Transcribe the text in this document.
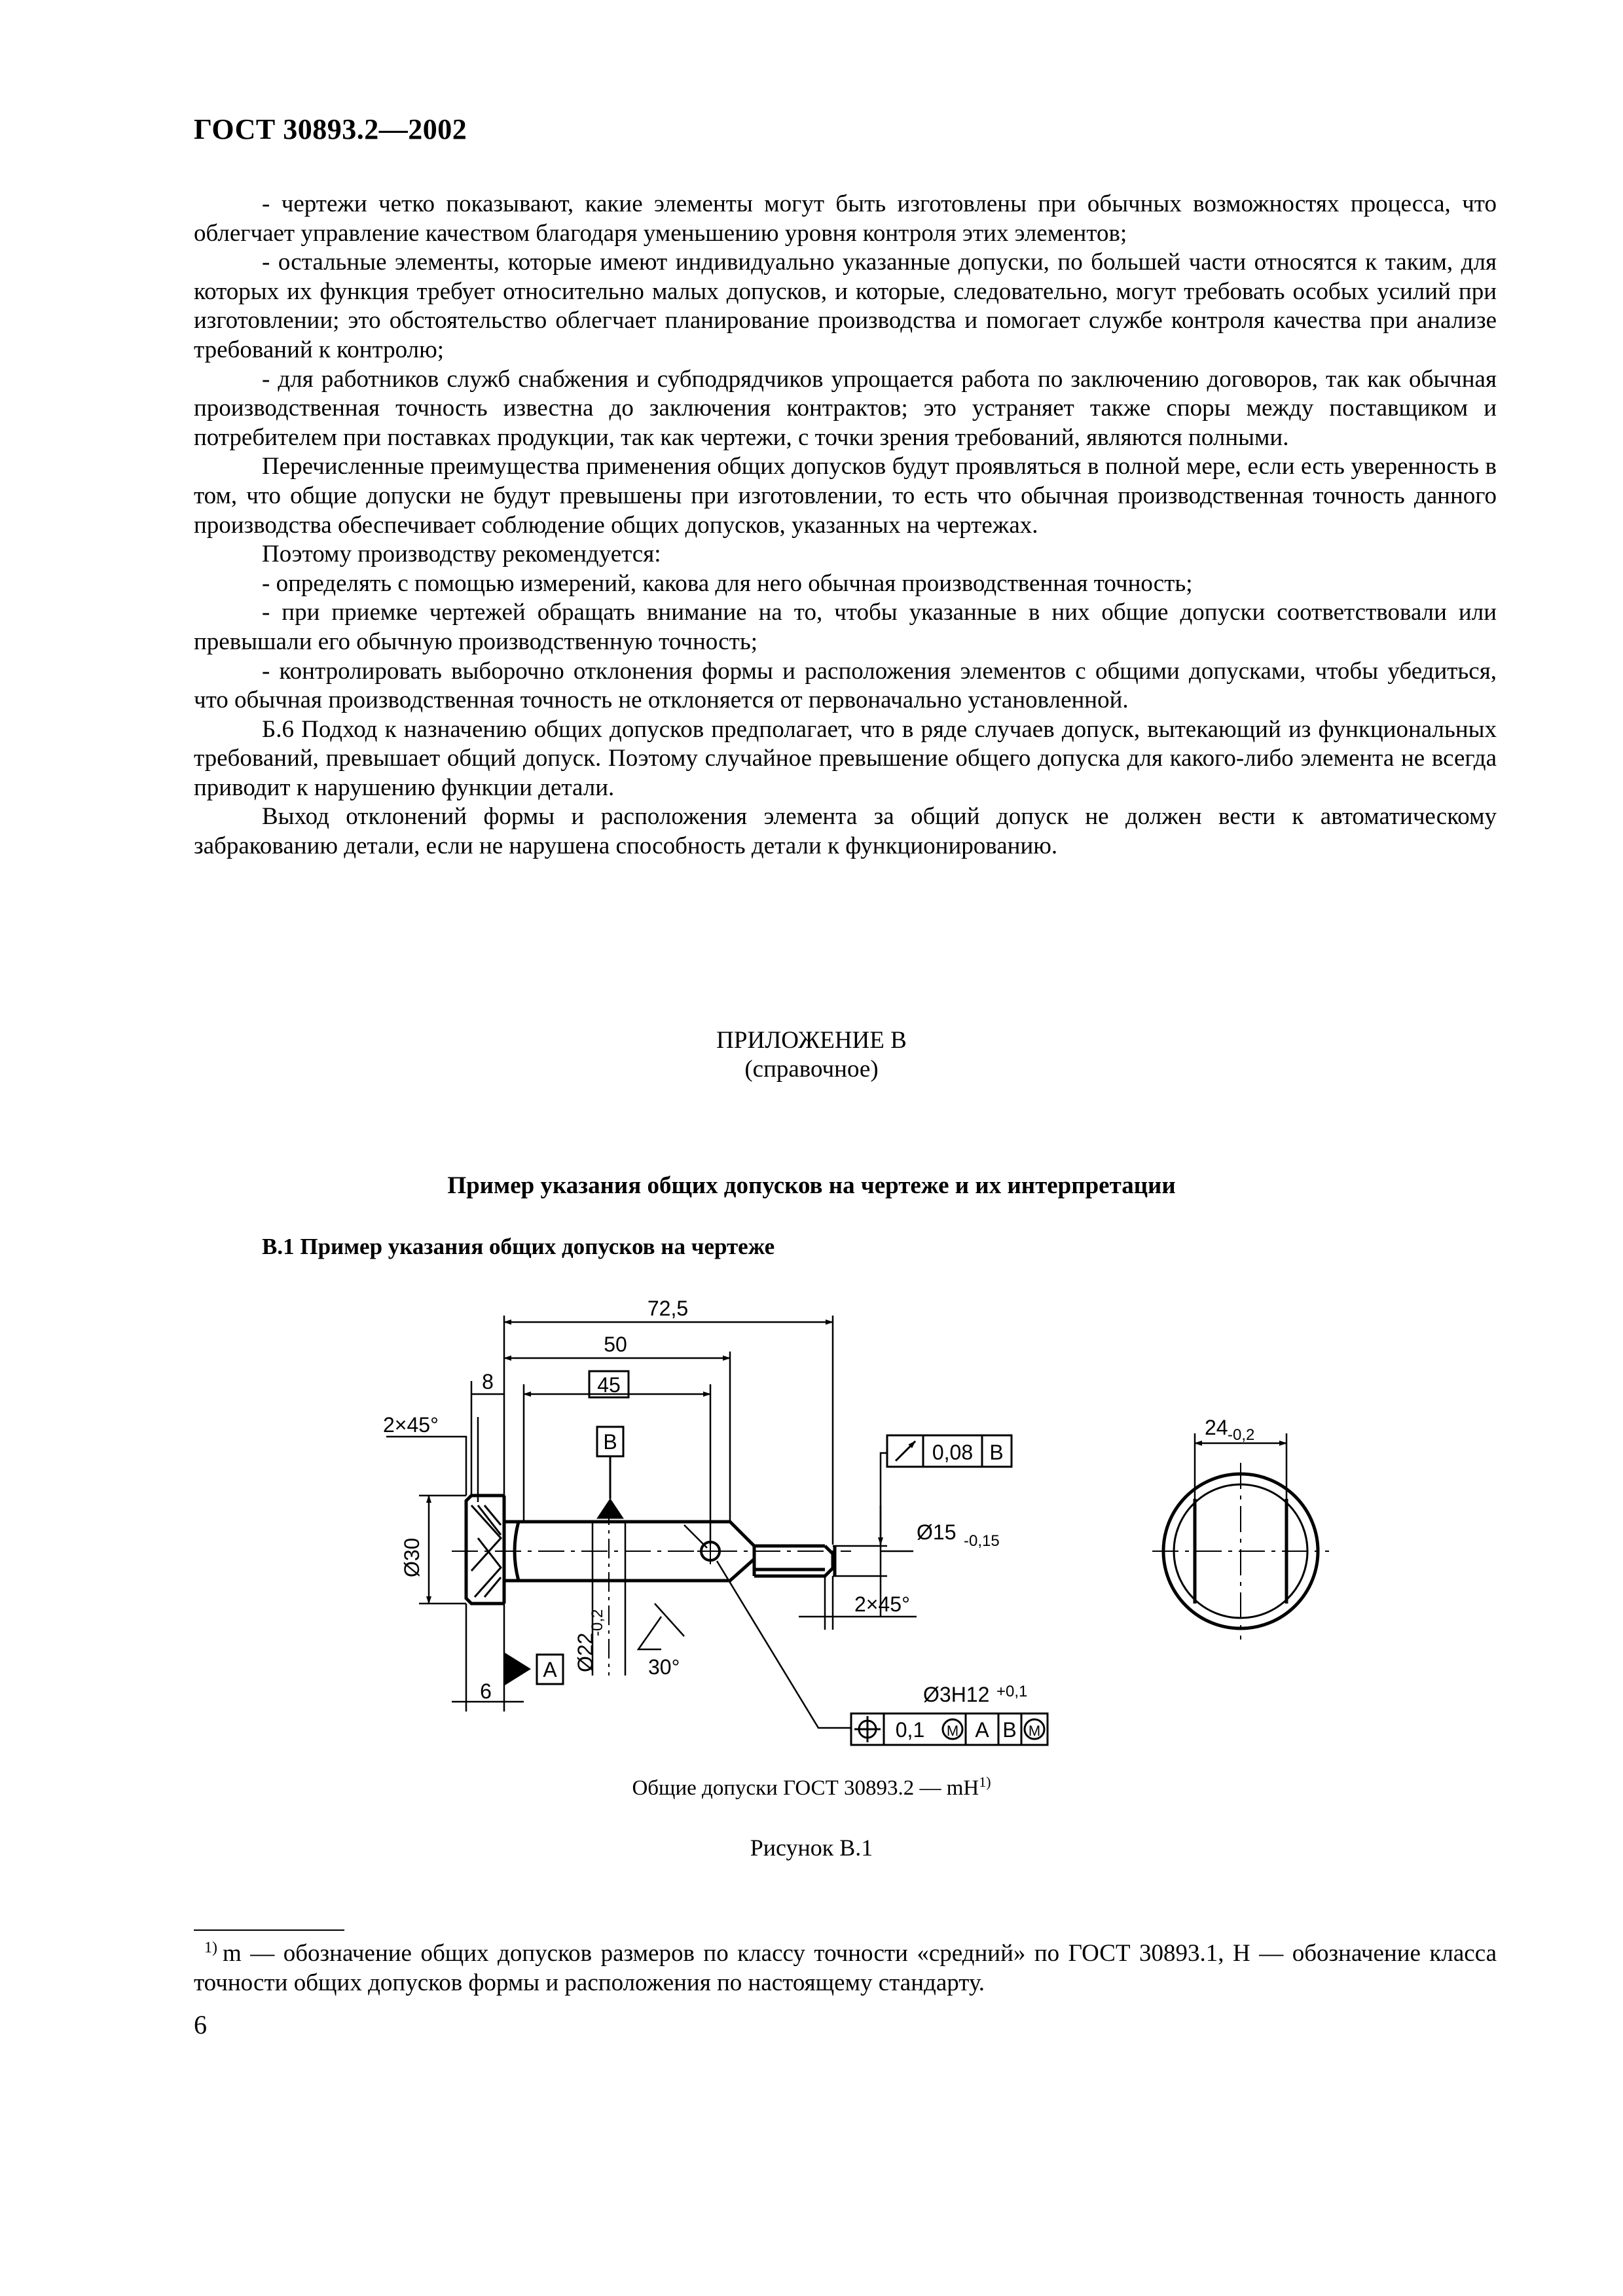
ГОСТ 30893.2—2002

- чертежи четко показывают, какие элементы могут быть изготовлены при обычных возможностях процесса, что облегчает управление качеством благодаря уменьшению уровня контроля этих элементов;

- остальные элементы, которые имеют индивидуально указанные допуски, по большей части относятся к таким, для которых их функция требует относительно малых допусков, и которые, следовательно, могут требовать особых усилий при изготовлении; это обстоятельство облегчает планирование производства и помогает службе контроля качества при анализе требований к контролю;

- для работников служб снабжения и субподрядчиков упрощается работа по заключению договоров, так как обычная производственная точность известна до заключения контрактов; это устраняет также споры между поставщиком и потребителем при поставках продукции, так как чертежи, с точки зрения требований, являются полными.

Перечисленные преимущества применения общих допусков будут проявляться в полной мере, если есть уверенность в том, что общие допуски не будут превышены при изготовлении, то есть что обычная производственная точность данного производства обеспечивает соблюдение общих допусков, указанных на чертежах.

Поэтому производству рекомендуется:

- определять с помощью измерений, какова для него обычная производственная точность;

- при приемке чертежей обращать внимание на то, чтобы указанные в них общие допуски соответствовали или превышали его обычную производственную точность;

- контролировать выборочно отклонения формы и расположения элементов с общими допусками, чтобы убедиться, что обычная производственная точность не отклоняется от первоначально установленной.

Б.6 Подход к назначению общих допусков предполагает, что в ряде случаев допуск, вытекающий из функциональных требований, превышает общий допуск. Поэтому случайное превышение общего допуска для какого-либо элемента не всегда приводит к нарушению функции детали.

Выход отклонений формы и расположения элемента за общий допуск не должен вести к автоматическому забракованию детали, если не нарушена способность детали к функционированию.

ПРИЛОЖЕНИЕ В
(справочное)
Пример указания общих допусков на чертеже и их интерпретации
В.1 Пример указания общих допусков на чертеже
72,5
50
45
8
2×45°
B
Ø30
Ø22
-0,2
A
6
30°
0,08 B
Ø15 -0,15
2×45°
Ø3H12 +0,1
0,1 M A B M
24 -0,2
Общие допуски ГОСТ 30893.2 — $mH^{1)}$
Рисунок В.1
$^{1)}$ m — обозначение общих допусков размеров по классу точности «средний» по ГОСТ 30893.1, H — обозначение класса точности общих допусков формы и расположения по настоящему стандарту.
6
